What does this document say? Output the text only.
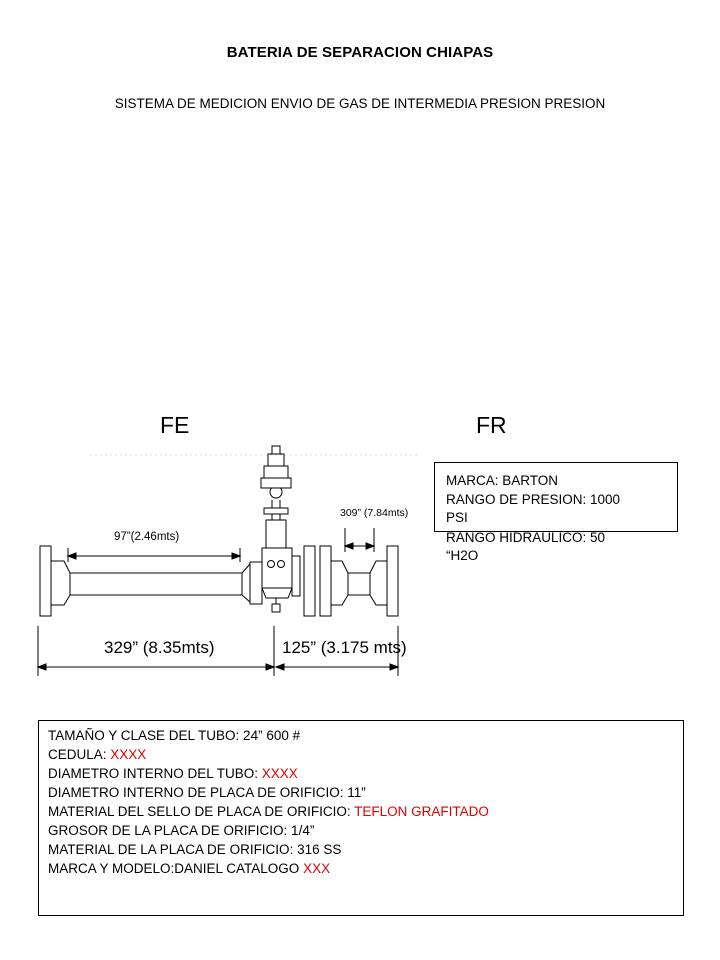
BATERIA DE SEPARACION CHIAPAS
SISTEMA DE MEDICION ENVIO DE GAS DE INTERMEDIA PRESION PRESION
FE	FR
309” (7.84mts)
97”(2.46mts)
329” (8.35mts)	125” (3.175 mts)
MARCA: BARTON
RANGO DE PRESION: 1000
PSI
RANGO HIDRAULICO: 50
“H2O
TAMAÑO Y CLASE DEL TUBO: 24” 600 #
CEDULA: XXXX
DIAMETRO INTERNO DEL TUBO: XXXX
DIAMETRO INTERNO DE PLACA DE ORIFICIO: 11”
MATERIAL DEL SELLO DE PLACA DE ORIFICIO: TEFLON GRAFITADO
GROSOR DE LA PLACA DE ORIFICIO: 1/4”
MATERIAL DE LA PLACA DE ORIFICIO: 316 SS
MARCA Y MODELO:DANIEL CATALOGO XXX
